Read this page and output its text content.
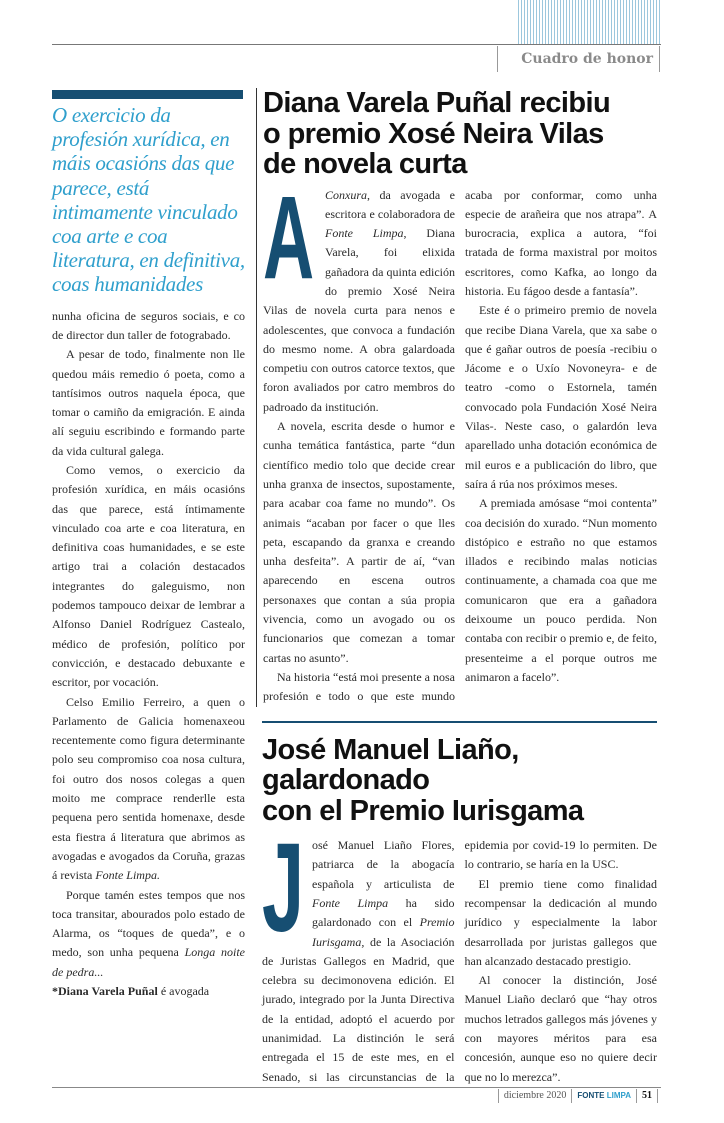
Cuadro de honor
O exercicio da profesión xurídica, en máis ocasións das que parece, está intimamente vinculado coa arte e coa literatura, en definitiva, coas humanidades

nunha oficina de seguros sociais, e co de director dun taller de fotograbado.

A pesar de todo, finalmente non lle quedou máis remedio ó poeta, como a tantísimos outros naquela época, que tomar o camiño da emigración. E ainda alí seguiu escribindo e formando parte da vida cultural galega.

Como vemos, o exercicio da profesión xurídica, en máis ocasións das que parece, está íntimamente vinculado coa arte e coa literatura, en definitiva coas humanidades, e se este artigo trai a colación destacados integrantes do galeguismo, non podemos tampouco deixar de lembrar a Alfonso Daniel Rodríguez Castealo, médico de profesión, político por convicción, e destacado debuxante e escritor, por vocación.

Celso Emilio Ferreiro, a quen o Parlamento de Galicia homenaxeou recentemente como figura determinante polo seu compromiso coa nosa cultura, foi outro dos nosos colegas a quen moito me comprace renderlle esta pequena pero sentida homenaxe, desde esta fiestra á literatura que abrimos as avogadas e avogados da Coruña, grazas á revista Fonte Limpa.

Porque tamén estes tempos que nos toca transitar, abourados polo estado de Alarma, os “toques de queda”, e o medo, son unha pequena Longa noite de pedra...

*Diana Varela Puñal é avogada

Diana Varela Puñal recibiu
o premio Xosé Neira Vilas
de novela curta

A Conxura, da avogada e escritora e colaboradora de Fonte Limpa, Diana Varela, foi elixida gañadora da quinta edición do premio Xosé Neira Vilas de novela curta para nenos e adolescentes, que convoca a fundación do mesmo nome. A obra galardoada competiu con outros catorce textos, que foron avaliados por catro membros do padroado da institución.

A novela, escrita desde o humor e cunha temática fantástica, parte “dun científico medio tolo que decide crear unha granxa de insectos, supostamente, para acabar coa fame no mundo”. Os animais “acaban por facer o que lles peta, escapando da granxa e creando unha desfeita”. A partir de aí, “van aparecendo en escena outros personaxes que contan a súa propia vivencia, como un avogado ou os funcionarios que comezan a tomar cartas no asunto”.

Na historia “está moi presente a nosa profesión e todo o que este mundo acaba por conformar, como unha especie de arañeira que nos atrapa”. A burocracia, explica a autora, “foi tratada de forma maxistral por moitos escritores, como Kafka, ao longo da historia. Eu fágoo desde a fantasía”.

Este é o primeiro premio de novela que recibe Diana Varela, que xa sabe o que é gañar outros de poesía -recibiu o Jácome e o Uxío Novoneyra- e de teatro -como o Estornela, tamén convocado pola Fundación Xosé Neira Vilas-. Neste caso, o galardón leva aparellado unha dotación económica de mil euros e a publicación do libro, que saíra á rúa nos próximos meses.

A premiada amósase “moi contenta” coa decisión do xurado. “Nun momento distópico e estraño no que estamos illados e recibindo malas noticias continuamente, a chamada coa que me comunicaron que era a gañadora deixoume un pouco perdida. Non contaba con recibir o premio e, de feito, presenteime a el porque outros me animaron a facelo”.

José Manuel Liaño, galardonado
con el Premio Iurisgama

José Manuel Liaño Flores, patriarca de la abogacía española y articulista de Fonte Limpa ha sido galardonado con el Premio Iurisgama, de la Asociación de Juristas Gallegos en Madrid, que celebra su decimonovena edición. El jurado, integrado por la Junta Directiva de la entidad, adoptó el acuerdo por unanimidad. La distinción le será entregada el 15 de este mes, en el Senado, si las circunstancias de la epidemia por covid-19 lo permiten. De lo contrario, se haría en la USC.

El premio tiene como finalidad recompensar la dedicación al mundo jurídico y especialmente la labor desarrollada por juristas gallegos que han alcanzado destacado prestigio.

Al conocer la distinción, José Manuel Liaño declaró que “hay otros muchos letrados gallegos más jóvenes y con mayores méritos para esa concesión, aunque eso no quiere decir que no lo merezca”.

diciembre 2020	FONTE LIMPA	51
